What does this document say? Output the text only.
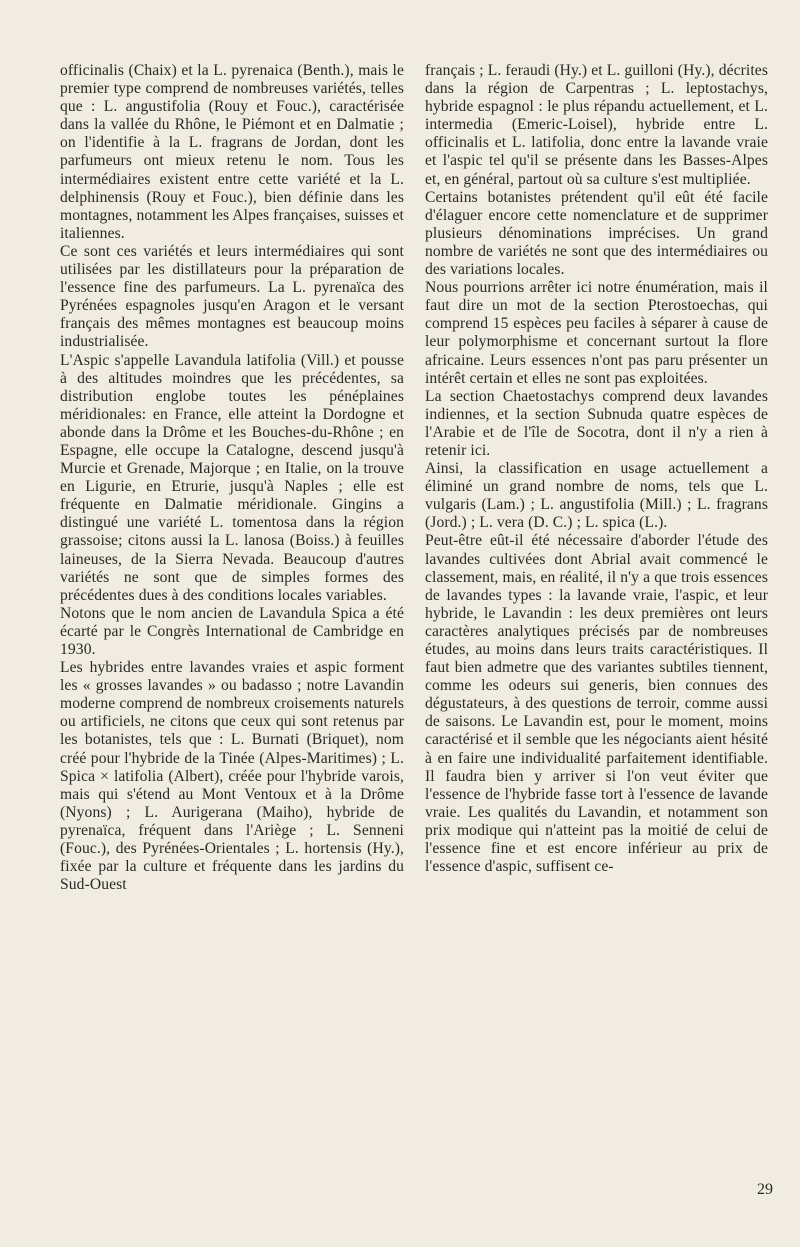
officinalis (Chaix) et la L. pyrenaica (Benth.), mais le premier type comprend de nombreuses variétés, telles que : L. angustifolia (Rouy et Fouc.), caractérisée dans la vallée du Rhône, le Piémont et en Dalmatie ; on l'identifie à la L. fragrans de Jordan, dont les parfumeurs ont mieux retenu le nom. Tous les intermédiaires existent entre cette variété et la L. delphinensis (Rouy et Fouc.), bien définie dans les montagnes, notamment les Alpes françaises, suisses et italiennes.

Ce sont ces variétés et leurs intermédiaires qui sont utilisées par les distillateurs pour la préparation de l'essence fine des parfumeurs. La L. pyrenaïca des Pyrénées espagnoles jusqu'en Aragon et le versant français des mêmes montagnes est beaucoup moins industrialisée.

L'Aspic s'appelle Lavandula latifolia (Vill.) et pousse à des altitudes moindres que les précédentes, sa distribution englobe toutes les pénéplaines méridionales: en France, elle atteint la Dordogne et abonde dans la Drôme et les Bouches-du-Rhône ; en Espagne, elle occupe la Catalogne, descend jusqu'à Murcie et Grenade, Majorque ; en Italie, on la trouve en Ligurie, en Etrurie, jusqu'à Naples ; elle est fréquente en Dalmatie méridionale. Gingins a distingué une variété L. tomentosa dans la région grassoise; citons aussi la L. lanosa (Boiss.) à feuilles laineuses, de la Sierra Nevada. Beaucoup d'autres variétés ne sont que de simples formes des précédentes dues à des conditions locales variables.

Notons que le nom ancien de Lavandula Spica a été écarté par le Congrès International de Cambridge en 1930.

Les hybrides entre lavandes vraies et aspic forment les « grosses lavandes » ou badasso ; notre Lavandin moderne comprend de nombreux croisements naturels ou artificiels, ne citons que ceux qui sont retenus par les botanistes, tels que : L. Burnati (Briquet), nom créé pour l'hybride de la Tinée (Alpes-Maritimes) ; L. Spica × latifolia (Albert), créée pour l'hybride varois, mais qui s'étend au Mont Ventoux et à la Drôme (Nyons) ; L. Aurigerana (Maiho), hybride de pyrenaïca, fréquent dans l'Ariège ; L. Senneni (Fouc.), des Pyrénées-Orientales ; L. hortensis (Hy.), fixée par la culture et fréquente dans les jardins du Sud-Ouest

français ; L. feraudi (Hy.) et L. guilloni (Hy.), décrites dans la région de Carpentras ; L. leptostachys, hybride espagnol : le plus répandu actuellement, et L. intermedia (Emeric-Loisel), hybride entre L. officinalis et L. latifolia, donc entre la lavande vraie et l'aspic tel qu'il se présente dans les Basses-Alpes et, en général, partout où sa culture s'est multipliée.

Certains botanistes prétendent qu'il eût été facile d'élaguer encore cette nomenclature et de supprimer plusieurs dénominations imprécises. Un grand nombre de variétés ne sont que des intermédiaires ou des variations locales.

Nous pourrions arrêter ici notre énumération, mais il faut dire un mot de la section Pterostoechas, qui comprend 15 espèces peu faciles à séparer à cause de leur polymorphisme et concernant surtout la flore africaine. Leurs essences n'ont pas paru présenter un intérêt certain et elles ne sont pas exploitées.

La section Chaetostachys comprend deux lavandes indiennes, et la section Subnuda quatre espèces de l'Arabie et de l'île de Socotra, dont il n'y a rien à retenir ici.

Ainsi, la classification en usage actuellement a éliminé un grand nombre de noms, tels que L. vulgaris (Lam.) ; L. angustifolia (Mill.) ; L. fragrans (Jord.) ; L. vera (D. C.) ; L. spica (L.).

Peut-être eût-il été nécessaire d'aborder l'étude des lavandes cultivées dont Abrial avait commencé le classement, mais, en réalité, il n'y a que trois essences de lavandes types : la lavande vraie, l'aspic, et leur hybride, le Lavandin : les deux premières ont leurs caractères analytiques précisés par de nombreuses études, au moins dans leurs traits caractéristiques. Il faut bien admetre que des variantes subtiles tiennent, comme les odeurs sui generis, bien connues des dégustateurs, à des questions de terroir, comme aussi de saisons. Le Lavandin est, pour le moment, moins caractérisé et il semble que les négociants aient hésité à en faire une individualité parfaitement identifiable. Il faudra bien y arriver si l'on veut éviter que l'essence de l'hybride fasse tort à l'essence de lavande vraie. Les qualités du Lavandin, et notamment son prix modique qui n'atteint pas la moitié de celui de l'essence fine et est encore inférieur au prix de l'essence d'aspic, suffisent ce-

29
